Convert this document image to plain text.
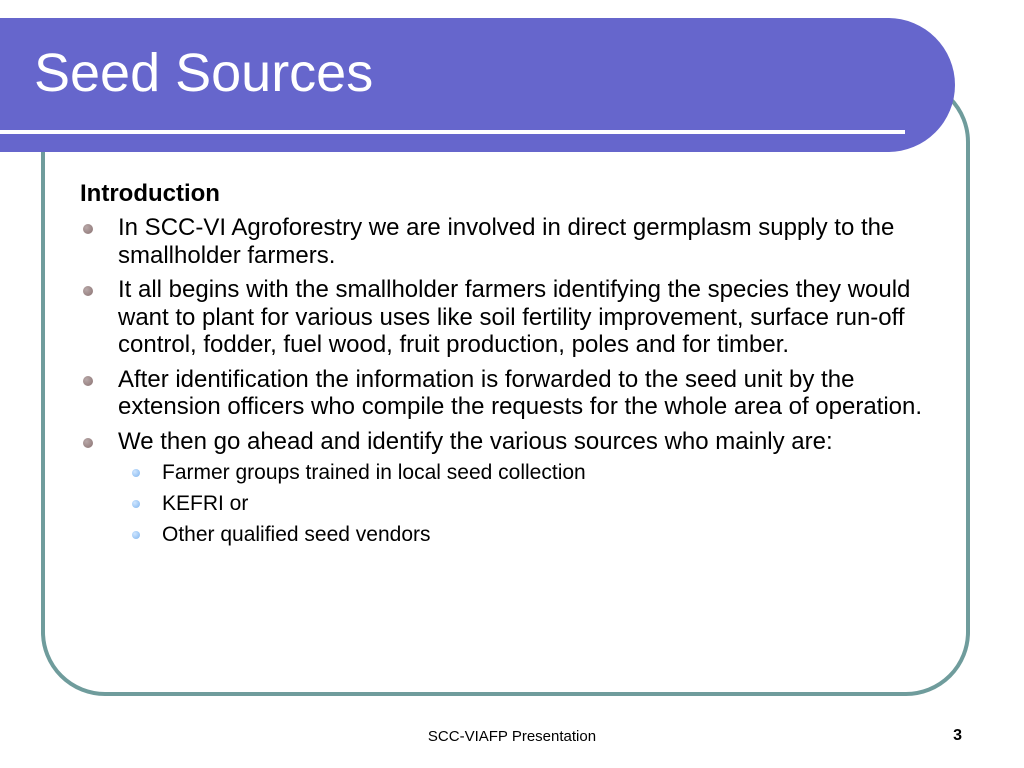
Seed Sources
Introduction
In SCC-VI Agroforestry we are involved in direct germplasm supply to the smallholder farmers.
It all begins with the smallholder farmers identifying the species they would want to plant for various uses like soil fertility improvement, surface run-off control, fodder, fuel wood, fruit production, poles and for timber.
After identification the information is forwarded to the seed unit by the extension officers who compile the requests for the whole area of operation.
We then go ahead and identify the various sources who mainly are:
Farmer groups trained in local seed collection
KEFRI or
Other qualified seed vendors
SCC-VIAFP Presentation	3
